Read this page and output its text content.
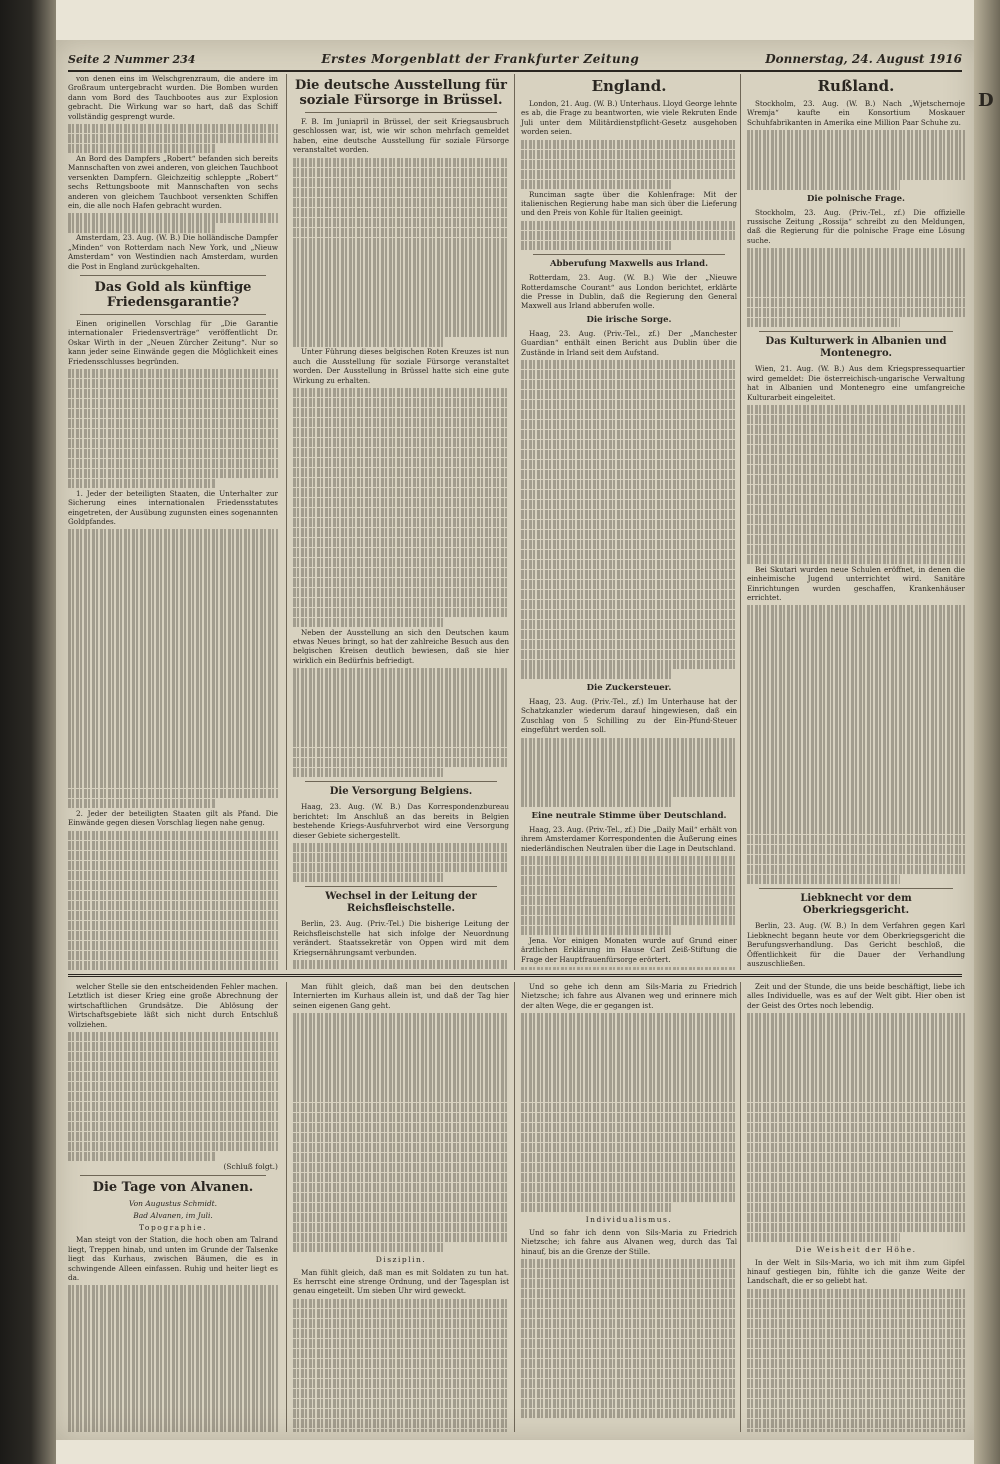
D
Seite 2 Nummer 234	Erstes Morgenblatt der Frankfurter Zeitung	Donnerstag, 24. August 1916

von denen eins im Welschgrenzraum, die andere im Großraum untergebracht wurden. Die Bomben wurden dann vom Bord des Tauchbootes aus zur Explosion gebracht. Die Wirkung war so hart, daß das Schiff vollständig gesprengt wurde.

An Bord des Dampfers „Robert“ befanden sich bereits Mannschaften von zwei anderen, von gleichen Tauchboot versenkten Dampfern. Gleichzeitig schleppte „Robert“ sechs Rettungsboote mit Mannschaften von sechs anderen von gleichem Tauchboot versenkten Schiffen ein, die alle noch Hafen gebracht wurden.

Amsterdam, 23. Aug. (W. B.) Die holländische Dampfer „Minden“ von Rotterdam nach New York, und „Nieuw Amsterdam“ von Westindien nach Amsterdam, wurden die Post in England zurückgehalten.

Das Gold als künftige Friedensgarantie?

Einen originellen Vorschlag für „Die Garantie internationaler Friedensverträge“ veröffentlicht Dr. Oskar Wirth in der „Neuen Zürcher Zeitung“. Nur so kann jeder seine Einwände gegen die Möglichkeit eines Friedensschlusses begründen.

1. Jeder der beteiligten Staaten, die Unterhalter zur Sicherung eines internationalen Friedensstatutes eingetreten, der Ausübung zugunsten eines sogenannten Goldpfandes.

2. Jeder der beteiligten Staaten gilt als Pfand. Die Einwände gegen diesen Vorschlag liegen nahe genug.

Die deutsche Ausstellung für soziale Fürsorge in Brüssel.

F. B. Im Juniapril in Brüssel, der seit Kriegsausbruch geschlossen war, ist, wie wir schon mehrfach gemeldet haben, eine deutsche Ausstellung für soziale Fürsorge veranstaltet worden.

Unter Führung dieses belgischen Roten Kreuzes ist nun auch die Ausstellung für soziale Fürsorge veranstaltet worden. Der Ausstellung in Brüssel hatte sich eine gute Wirkung zu erhalten.

Neben der Ausstellung an sich den Deutschen kaum etwas Neues bringt, so hat der zahlreiche Besuch aus den belgischen Kreisen deutlich bewiesen, daß sie hier wirklich ein Bedürfnis befriedigt.

Die Versorgung Belgiens.

Haag, 23. Aug. (W. B.) Das Korrespondenzbureau berichtet: Im Anschluß an das bereits in Belgien bestehende Kriegs-Ausfuhrverbot wird eine Versorgung dieser Gebiete sichergestellt.

Wechsel in der Leitung der Reichsfleischstelle.

Berlin, 23. Aug. (Priv.-Tel.) Die bisherige Leitung der Reichsfleischstelle hat sich infolge der Neuordnung verändert. Staatssekretär von Oppen wird mit dem Kriegsernährungsamt verbunden.

England.

London, 21. Aug. (W. B.) Unterhaus. Lloyd George lehnte es ab, die Frage zu beantworten, wie viele Rekruten Ende Juli unter dem Militärdienstpflicht-Gesetz ausgehoben worden seien.

Runciman sagte über die Kohlenfrage: Mit der italienischen Regierung habe man sich über die Lieferung und den Preis von Kohle für Italien geeinigt.

Abberufung Maxwells aus Irland.

Rotterdam, 23. Aug. (W. B.) Wie der „Nieuwe Rotterdamsche Courant“ aus London berichtet, erklärte die Presse in Dublin, daß die Regierung den General Maxwell aus Irland abberufen wolle.

Die irische Sorge.

Haag, 23. Aug. (Priv.-Tel., zf.) Der „Manchester Guardian“ enthält einen Bericht aus Dublin über die Zustände in Irland seit dem Aufstand.

Die Zuckersteuer.

Haag, 23. Aug. (Priv.-Tel., zf.) Im Unterhause hat der Schatzkanzler wiederum darauf hingewiesen, daß ein Zuschlag von 5 Schilling zu der Ein-Pfund-Steuer eingeführt werden soll.

Eine neutrale Stimme über Deutschland.

Haag, 23. Aug. (Priv.-Tel., zf.) Die „Daily Mail“ erhält von ihrem Amsterdamer Korrespondenten die Äußerung eines niederländischen Neutralen über die Lage in Deutschland.

Jena. Vor einigen Monaten wurde auf Grund einer ärztlichen Erklärung im Hause Carl Zeiß-Stiftung die Frage der Hauptfrauenfürsorge erörtert.

Rußland.

Stockholm, 23. Aug. (W. B.) Nach „Wjetschernoje Wremja“ kaufte ein Konsortium Moskauer Schuhfabrikanten in Amerika eine Million Paar Schuhe zu.

Die polnische Frage.

Stockholm, 23. Aug. (Priv.-Tel., zf.) Die offizielle russische Zeitung „Rossija“ schreibt zu den Meldungen, daß die Regierung für die polnische Frage eine Lösung suche.

Das Kulturwerk in Albanien und Montenegro.

Wien, 21. Aug. (W. B.) Aus dem Kriegspressequartier wird gemeldet: Die österreichisch-ungarische Verwaltung hat in Albanien und Montenegro eine umfangreiche Kulturarbeit eingeleitet.

Bei Skutari wurden neue Schulen eröffnet, in denen die einheimische Jugend unterrichtet wird. Sanitäre Einrichtungen wurden geschaffen, Krankenhäuser errichtet.

Liebknecht vor dem Oberkriegsgericht.

Berlin, 23. Aug. (W. B.) In dem Verfahren gegen Karl Liebknecht begann heute vor dem Oberkriegsgericht die Berufungsverhandlung. Das Gericht beschloß, die Öffentlichkeit für die Dauer der Verhandlung auszuschließen.

welcher Stelle sie den entscheidenden Fehler machen. Letztlich ist dieser Krieg eine große Abrechnung der wirtschaftlichen Grundsätze. Die Ablösung der Wirtschaftsgebiete läßt sich nicht durch Entschluß vollziehen.

(Schluß folgt.)
Die Tage von Alvanen.
Von Augustus Schmidt.
Bad Alvanen, im Juli.
Topographie.

Man steigt von der Station, die hoch oben am Talrand liegt, Treppen hinab, und unten im Grunde der Talsenke liegt das Kurhaus, zwischen Bäumen, die es in schwingende Alleen einfassen. Ruhig und heiter liegt es da.

Man fühlt gleich, daß man bei den deutschen Internierten im Kurhaus allein ist, und daß der Tag hier seinen eigenen Gang geht.

Disziplin.

Man fühlt gleich, daß man es mit Soldaten zu tun hat. Es herrscht eine strenge Ordnung, und der Tagesplan ist genau eingeteilt. Um sieben Uhr wird geweckt.

Und so gehe ich denn am Sils-Maria zu Friedrich Nietzsche; ich fahre aus Alvanen weg und erinnere mich der alten Wege, die er gegangen ist.

Individualismus.

Und so fahr ich denn von Sils-Maria zu Friedrich Nietzsche; ich fahre aus Alvanen weg, durch das Tal hinauf, bis an die Grenze der Stille.

Zeit und der Stunde, die uns beide beschäftigt, liebe ich alles Individuelle, was es auf der Welt gibt. Hier oben ist der Geist des Ortes noch lebendig.

Die Weisheit der Höhe.

In der Welt in Sils-Maria, wo ich mit ihm zum Gipfel hinauf gestiegen bin, fühlte ich die ganze Weite der Landschaft, die er so geliebt hat.
